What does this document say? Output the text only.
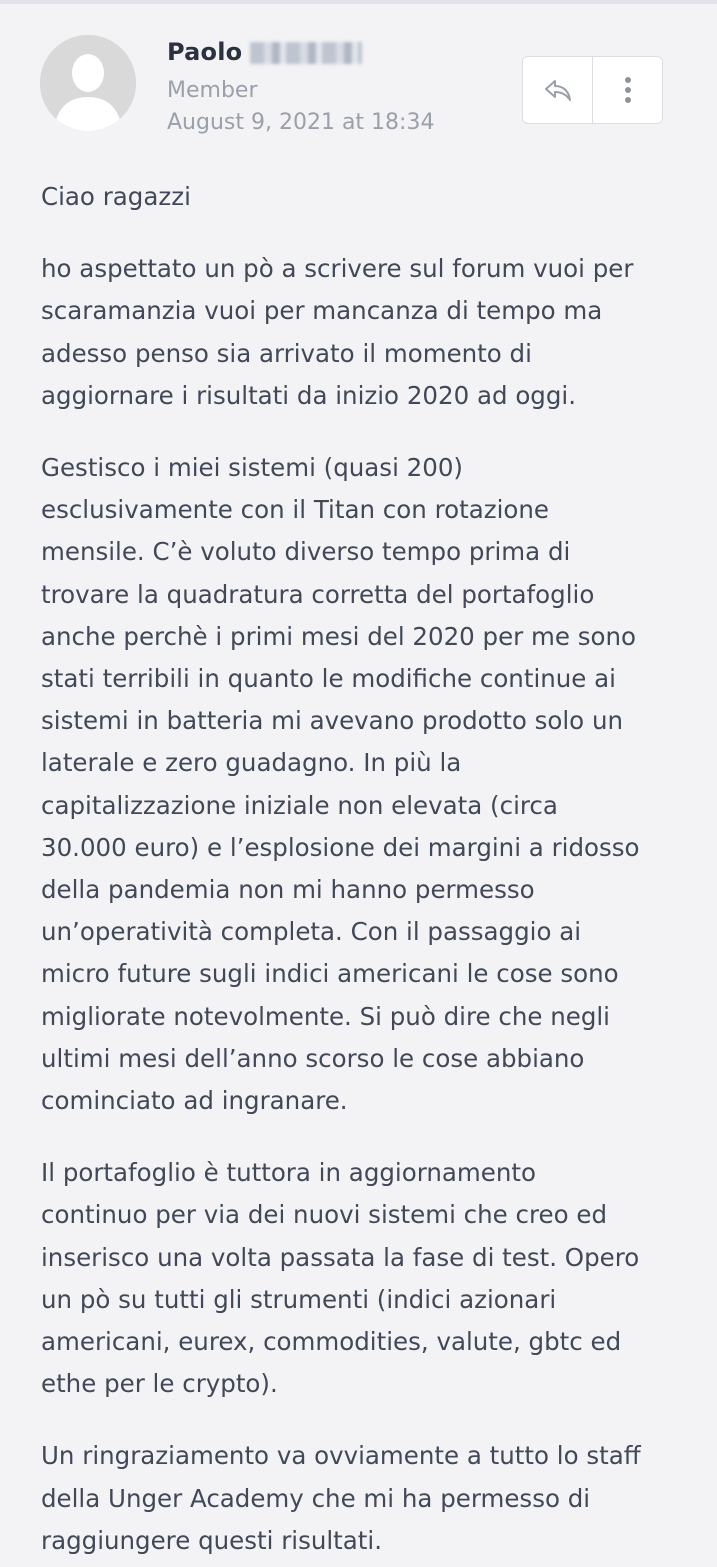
Paolo
Member
August 9, 2021 at 18:34

Ciao ragazzi

ho aspettato un pò a scrivere sul forum vuoi per
scaramanzia vuoi per mancanza di tempo ma
adesso penso sia arrivato il momento di
aggiornare i risultati da inizio 2020 ad oggi.

Gestisco i miei sistemi (quasi 200)
esclusivamente con il Titan con rotazione
mensile. C’è voluto diverso tempo prima di
trovare la quadratura corretta del portafoglio
anche perchè i primi mesi del 2020 per me sono
stati terribili in quanto le modifiche continue ai
sistemi in batteria mi avevano prodotto solo un
laterale e zero guadagno. In più la
capitalizzazione iniziale non elevata (circa
30.000 euro) e l’esplosione dei margini a ridosso
della pandemia non mi hanno permesso
un’operatività completa. Con il passaggio ai
micro future sugli indici americani le cose sono
migliorate notevolmente. Si può dire che negli
ultimi mesi dell’anno scorso le cose abbiano
cominciato ad ingranare.

Il portafoglio è tuttora in aggiornamento
continuo per via dei nuovi sistemi che creo ed
inserisco una volta passata la fase di test. Opero
un pò su tutti gli strumenti (indici azionari
americani, eurex, commodities, valute, gbtc ed
ethe per le crypto).

Un ringraziamento va ovviamente a tutto lo staff
della Unger Academy che mi ha permesso di
raggiungere questi risultati.
